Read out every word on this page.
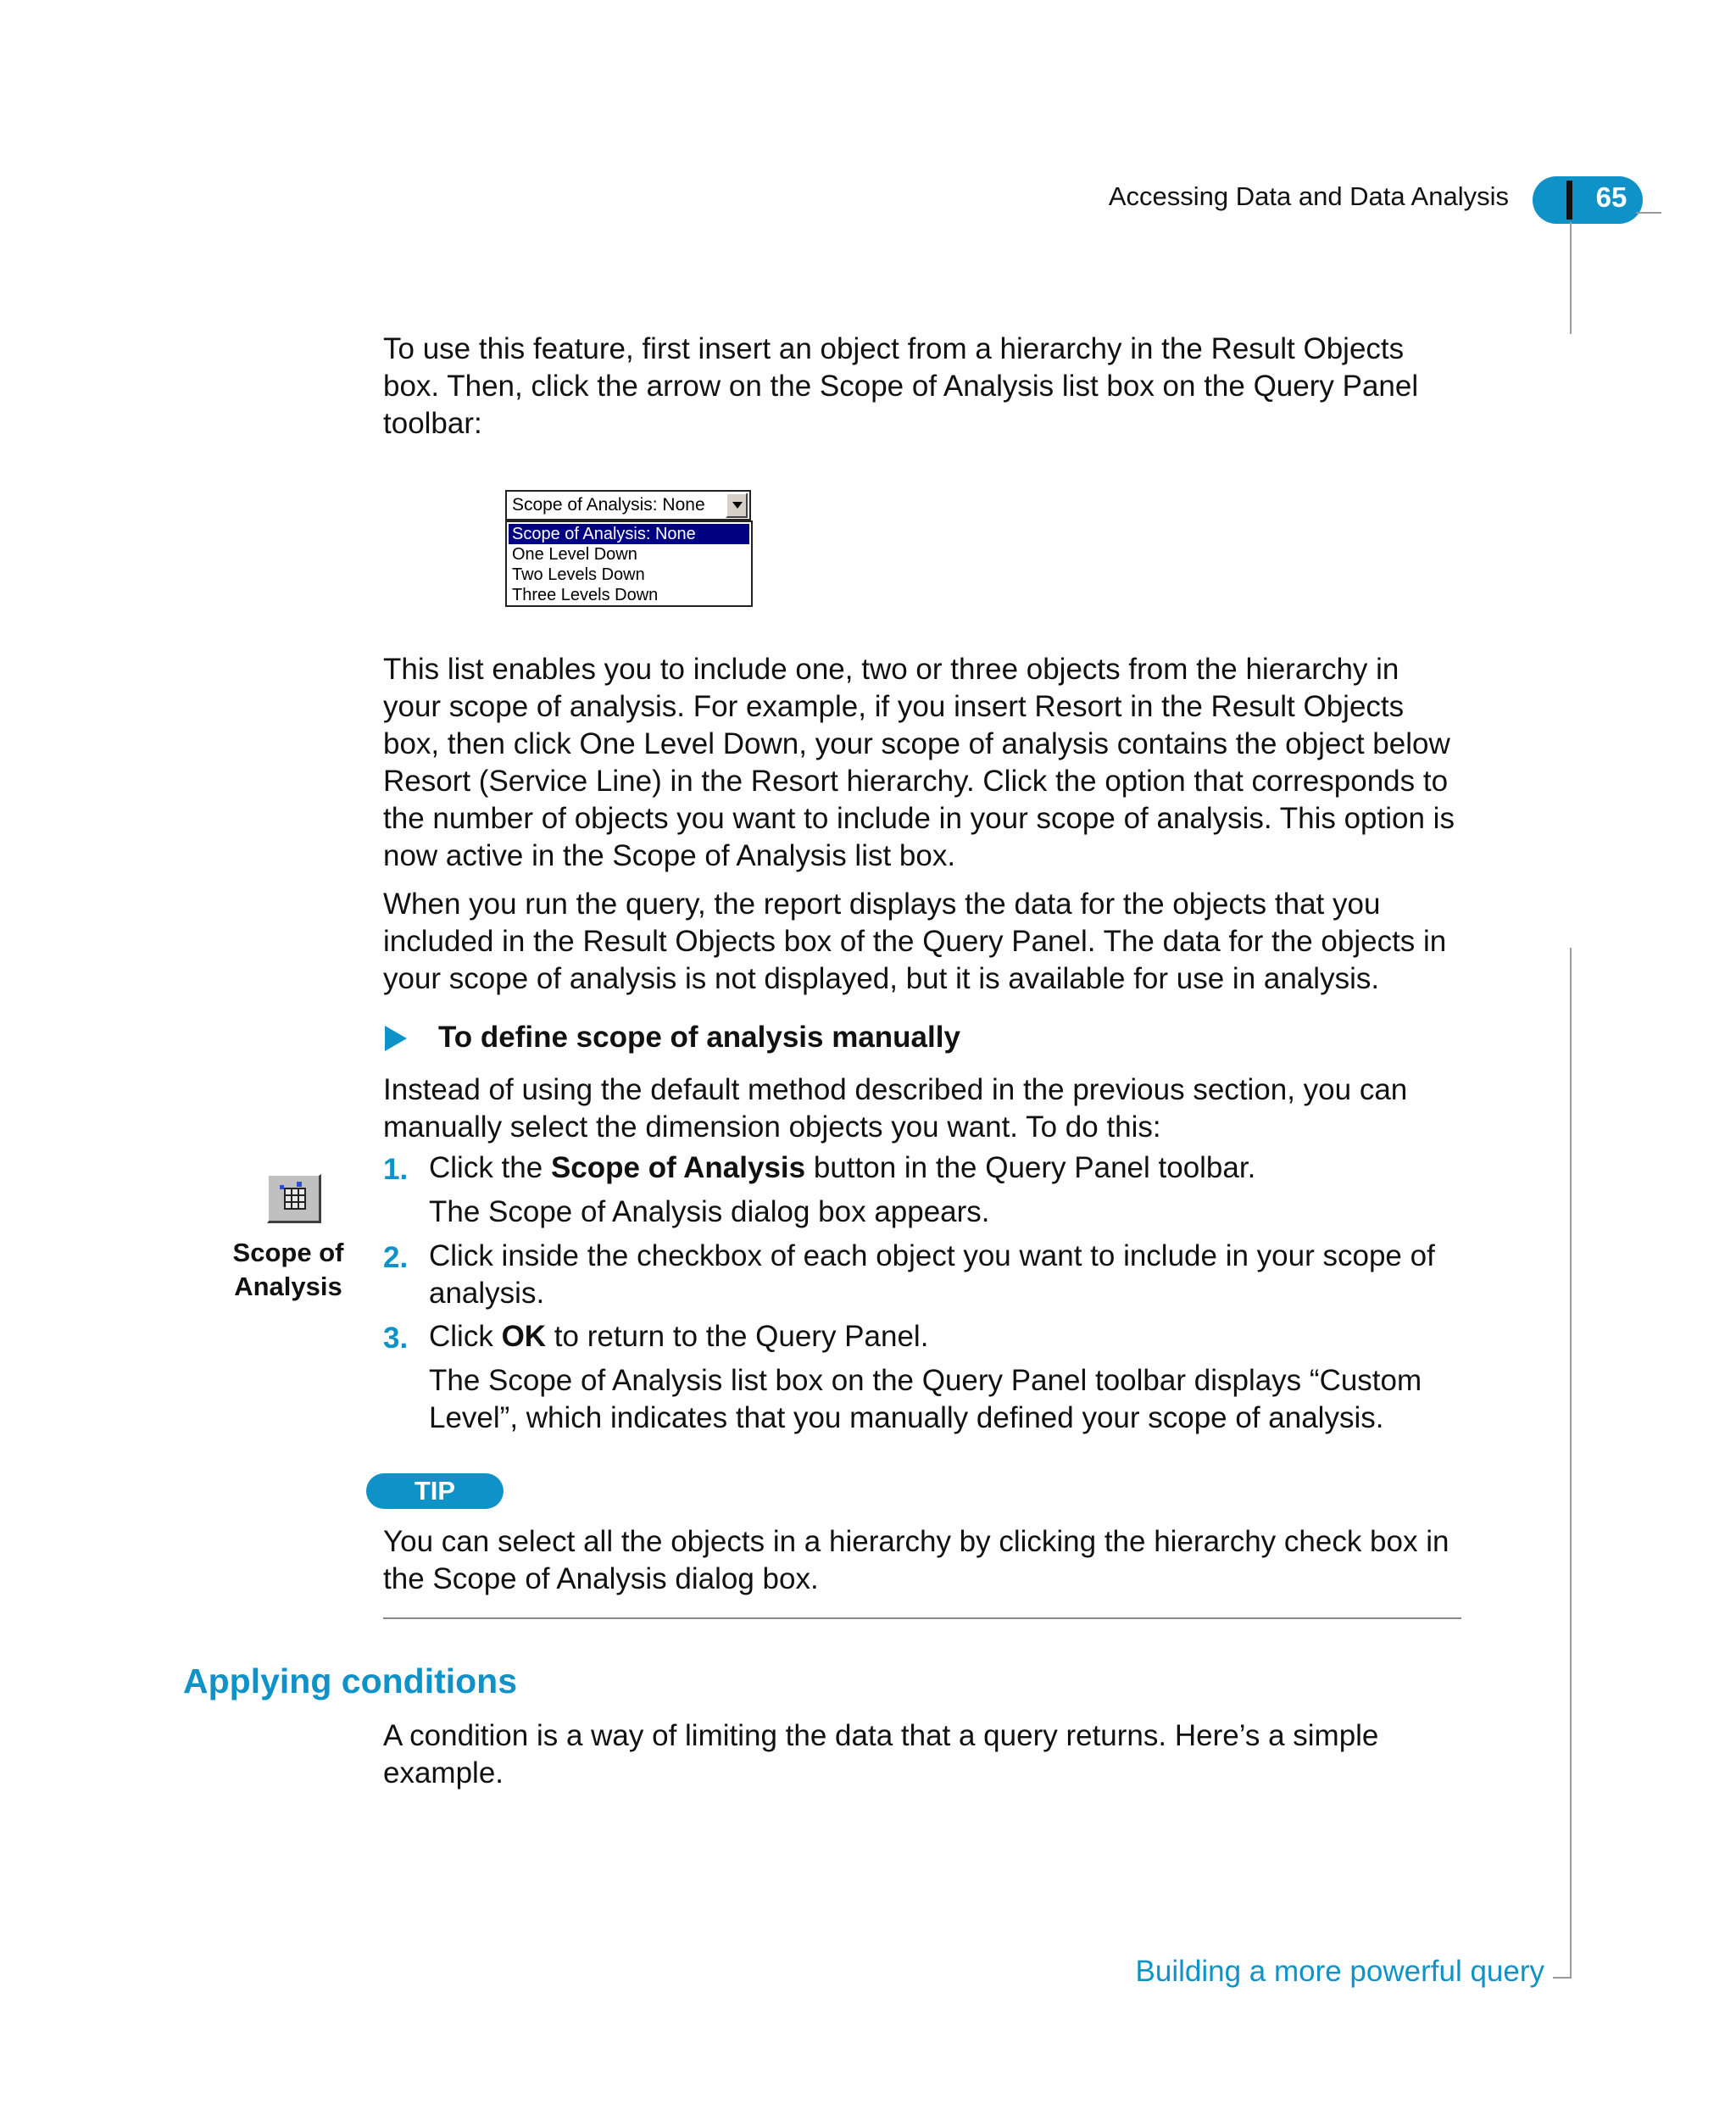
Accessing Data and Data Analysis	65
To use this feature, first insert an object from a hierarchy in the Result Objects box. Then, click the arrow on the Scope of Analysis list box on the Query Panel toolbar:
Scope of Analysis: None
Scope of Analysis: None
One Level Down
Two Levels Down
Three Levels Down
This list enables you to include one, two or three objects from the hierarchy in your scope of analysis. For example, if you insert Resort in the Result Objects box, then click One Level Down, your scope of analysis contains the object below Resort (Service Line) in the Resort hierarchy. Click the option that corresponds to the number of objects you want to include in your scope of analysis. This option is now active in the Scope of Analysis list box.
When you run the query, the report displays the data for the objects that you included in the Result Objects box of the Query Panel. The data for the objects in your scope of analysis is not displayed, but it is available for use in analysis.
To define scope of analysis manually
Instead of using the default method described in the previous section, you can manually select the dimension objects you want. To do this:
1. Click the Scope of Analysis button in the Query Panel toolbar.
The Scope of Analysis dialog box appears.
2. Click inside the checkbox of each object you want to include in your scope of analysis.
3. Click OK to return to the Query Panel.
The Scope of Analysis list box on the Query Panel toolbar displays “Custom Level”, which indicates that you manually defined your scope of analysis.
Scope of
Analysis
TIP
You can select all the objects in a hierarchy by clicking the hierarchy check box in the Scope of Analysis dialog box.
Applying conditions
A condition is a way of limiting the data that a query returns. Here’s a simple example.
Building a more powerful query
